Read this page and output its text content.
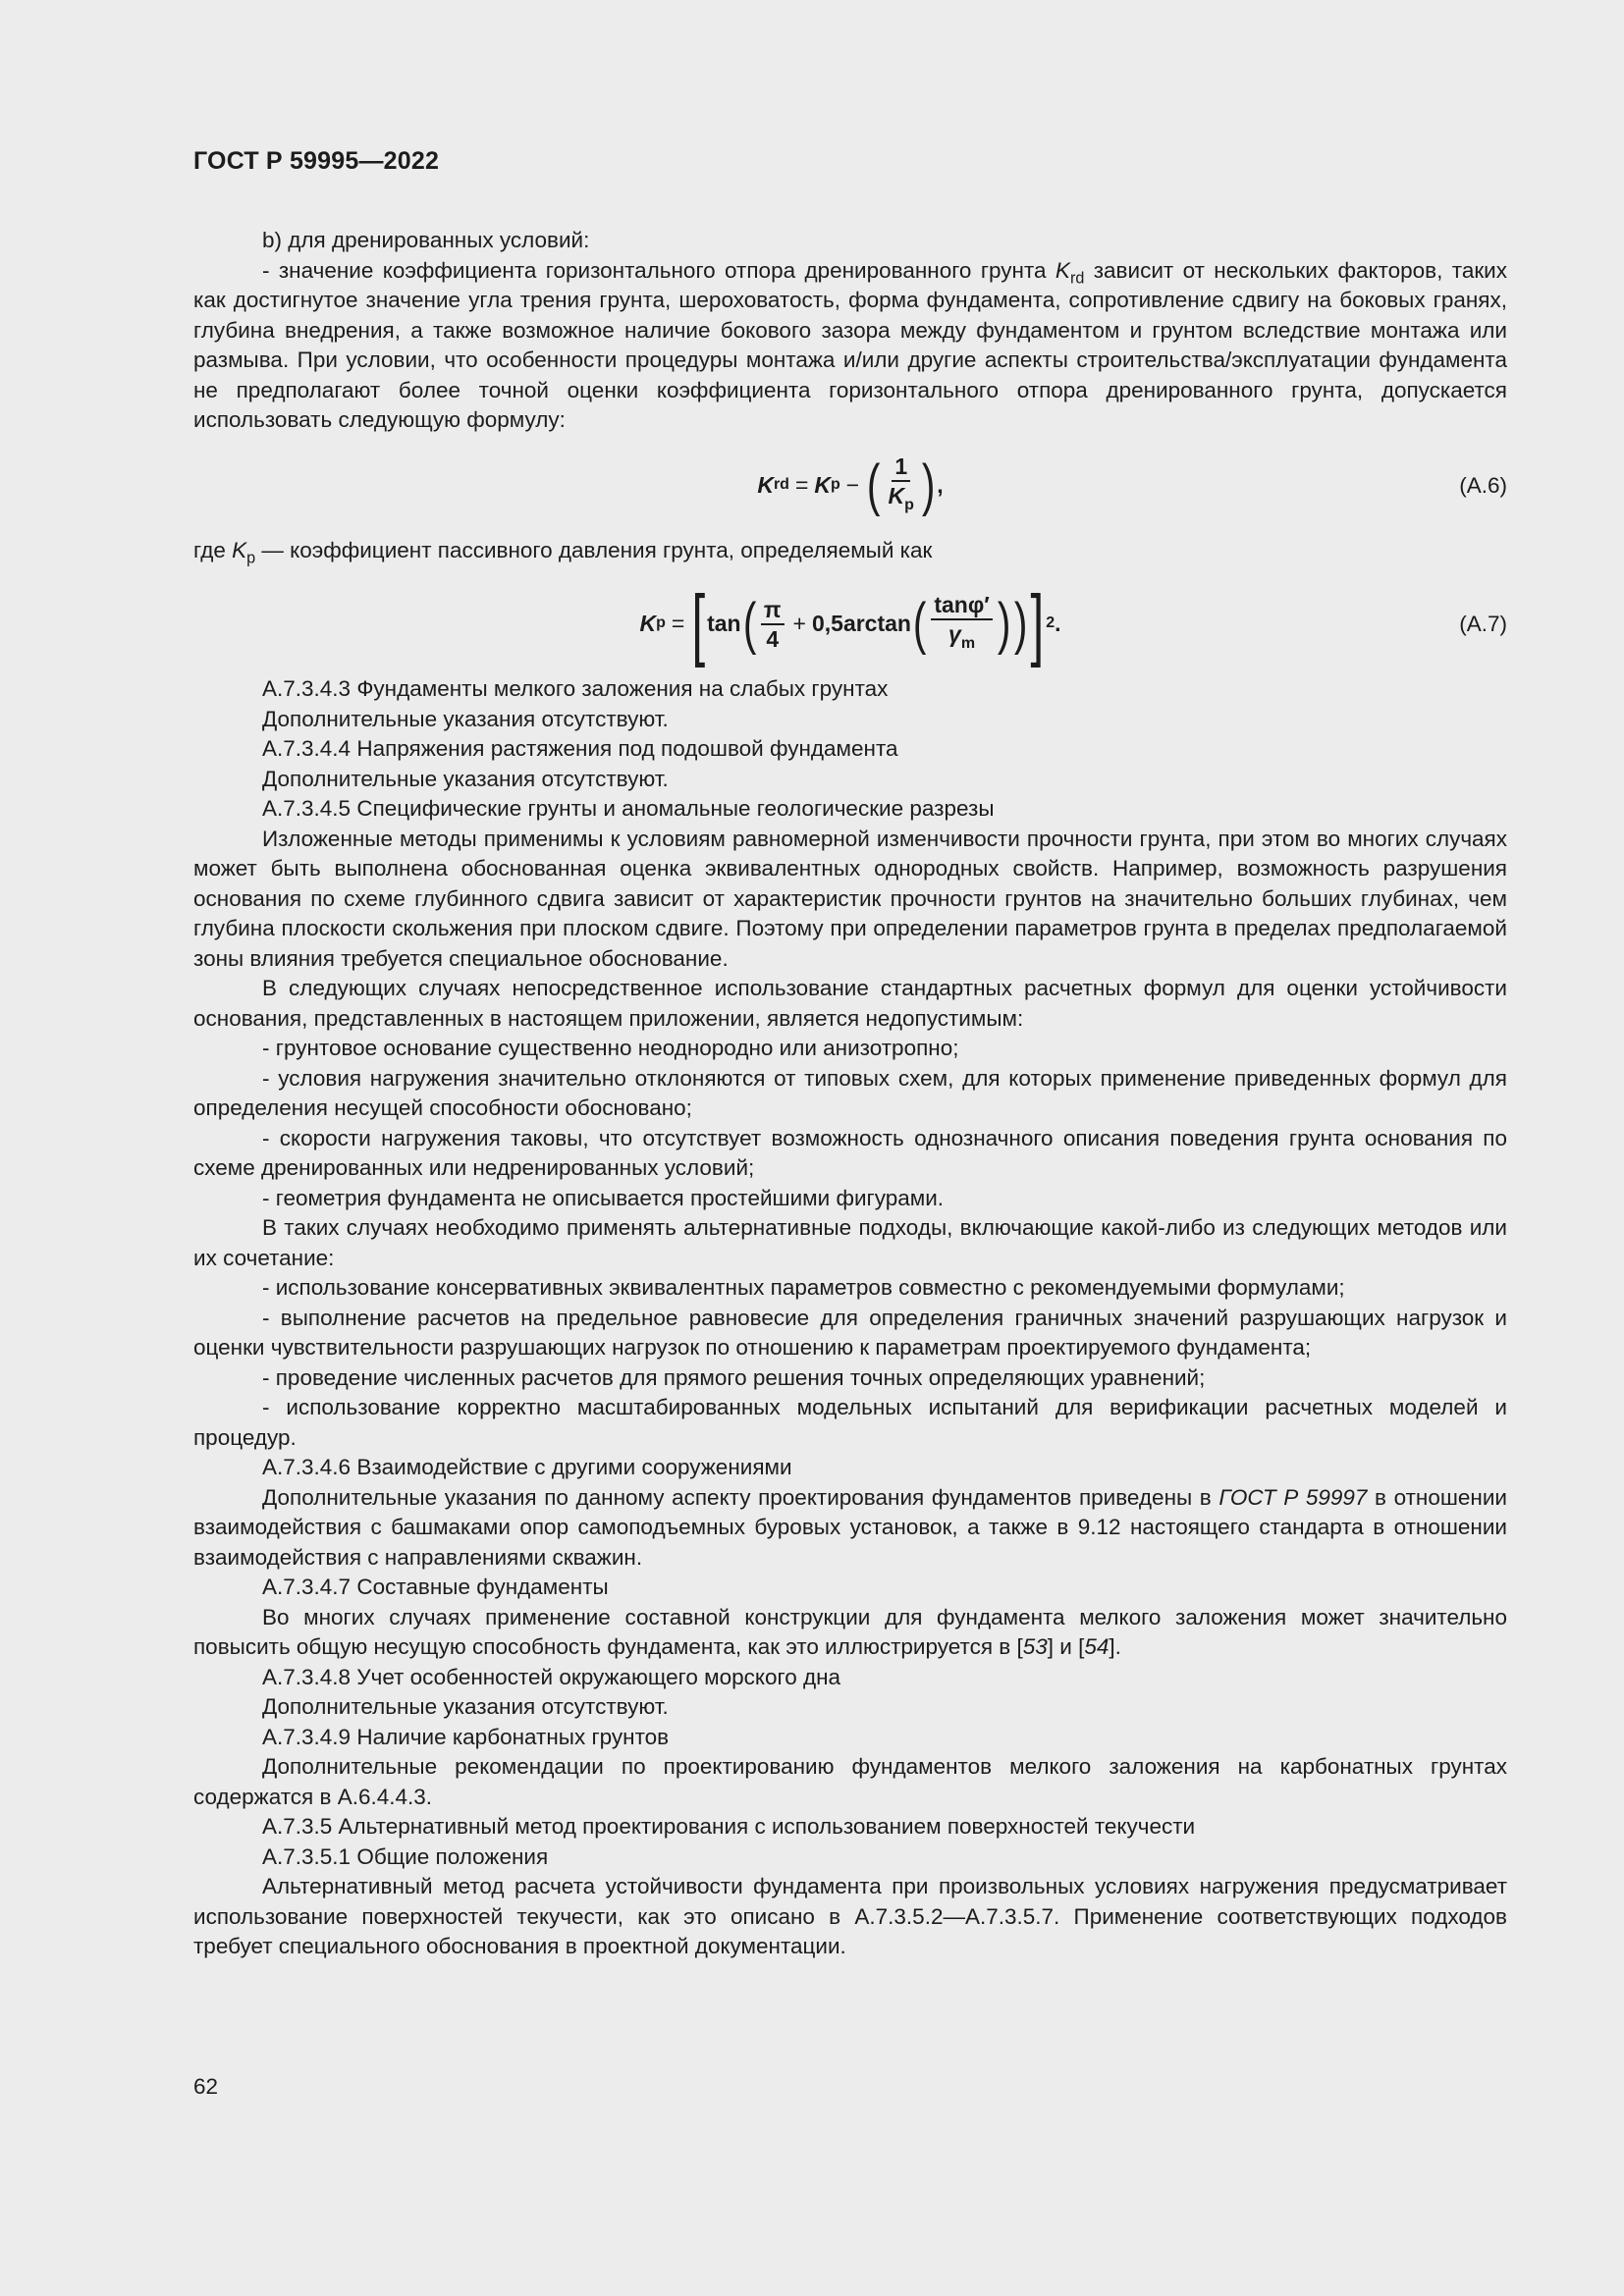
ГОСТ Р 59995—2022

b) для дренированных условий:

- значение коэффициента горизонтального отпора дренированного грунта $K_{rd}$ зависит от нескольких факторов, таких как достигнутое значение угла трения грунта, шероховатость, форма фундамента, сопротивление сдвигу на боковых гранях, глубина внедрения, а также возможное наличие бокового зазора между фундаментом и грунтом вследствие монтажа или размыва. При условии, что особенности процедуры монтажа и/или другие аспекты строительства/эксплуатации фундамента не предполагают более точной оценки коэффициента горизонтального отпора дренированного грунта, допускается использовать следующую формулу:

K rd = K p − ( $\frac{1}{K_p}$ ) ,	(A.6)

где $K_p$ — коэффициент пассивного давления грунта, определяемый как

K p = [ tan ( $\frac{\pi}{4} + 0,5\arctan$ ( $\frac{\tan\varphi'}{\gamma_m}$ ) ) ] 2 .	(A.7)

А.7.3.4.3 Фундаменты мелкого заложения на слабых грунтах

Дополнительные указания отсутствуют.

А.7.3.4.4 Напряжения растяжения под подошвой фундамента

Дополнительные указания отсутствуют.

А.7.3.4.5 Специфические грунты и аномальные геологические разрезы

Изложенные методы применимы к условиям равномерной изменчивости прочности грунта, при этом во многих случаях может быть выполнена обоснованная оценка эквивалентных однородных свойств. Например, возможность разрушения основания по схеме глубинного сдвига зависит от характеристик прочности грунтов на значительно больших глубинах, чем глубина плоскости скольжения при плоском сдвиге. Поэтому при определении параметров грунта в пределах предполагаемой зоны влияния требуется специальное обоснование.

В следующих случаях непосредственное использование стандартных расчетных формул для оценки устойчивости основания, представленных в настоящем приложении, является недопустимым:

- грунтовое основание существенно неоднородно или анизотропно;

- условия нагружения значительно отклоняются от типовых схем, для которых применение приведенных формул для определения несущей способности обосновано;

- скорости нагружения таковы, что отсутствует возможность однозначного описания поведения грунта основания по схеме дренированных или недренированных условий;

- геометрия фундамента не описывается простейшими фигурами.

В таких случаях необходимо применять альтернативные подходы, включающие какой-либо из следующих методов или их сочетание:

- использование консервативных эквивалентных параметров совместно с рекомендуемыми формулами;

- выполнение расчетов на предельное равновесие для определения граничных значений разрушающих нагрузок и оценки чувствительности разрушающих нагрузок по отношению к параметрам проектируемого фундамента;

- проведение численных расчетов для прямого решения точных определяющих уравнений;

- использование корректно масштабированных модельных испытаний для верификации расчетных моделей и процедур.

А.7.3.4.6 Взаимодействие с другими сооружениями

Дополнительные указания по данному аспекту проектирования фундаментов приведены в ГОСТ Р 59997 в отношении взаимодействия с башмаками опор самоподъемных буровых установок, а также в 9.12 настоящего стандарта в отношении взаимодействия с направлениями скважин.

А.7.3.4.7 Составные фундаменты

Во многих случаях применение составной конструкции для фундамента мелкого заложения может значительно повысить общую несущую способность фундамента, как это иллюстрируется в [53] и [54].

А.7.3.4.8 Учет особенностей окружающего морского дна

Дополнительные указания отсутствуют.

А.7.3.4.9 Наличие карбонатных грунтов

Дополнительные рекомендации по проектированию фундаментов мелкого заложения на карбонатных грунтах содержатся в А.6.4.4.3.

А.7.3.5 Альтернативный метод проектирования с использованием поверхностей текучести

А.7.3.5.1 Общие положения

Альтернативный метод расчета устойчивости фундамента при произвольных условиях нагружения предусматривает использование поверхностей текучести, как это описано в А.7.3.5.2—А.7.3.5.7. Применение соответствующих подходов требует специального обоснования в проектной документации.

62
